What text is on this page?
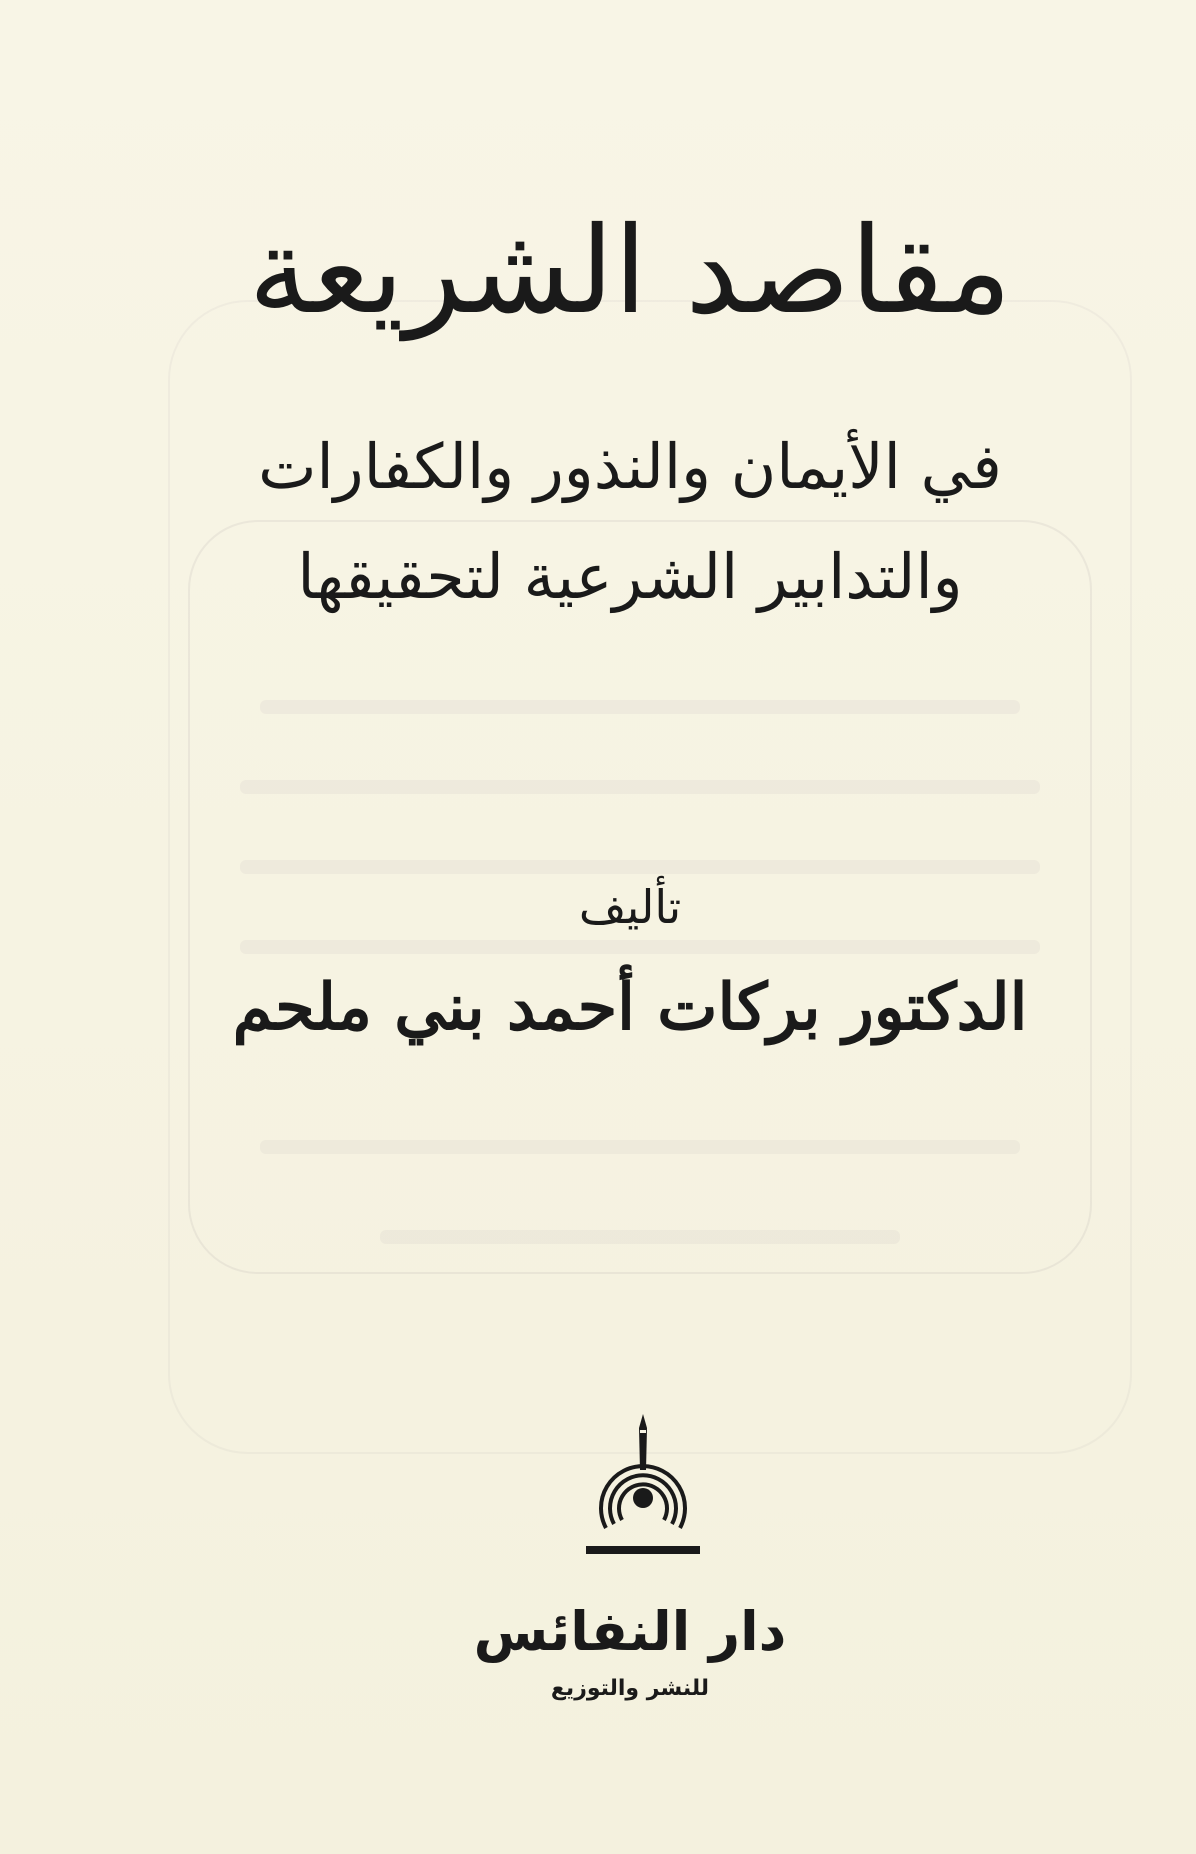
مقاصد الشريعة
في الأيمان والنذور والكفارات
والتدابير الشرعية لتحقيقها
تأليف
الدكتور بركات أحمد بني ملحم
دار النفائس
للنشر والتوزيع
